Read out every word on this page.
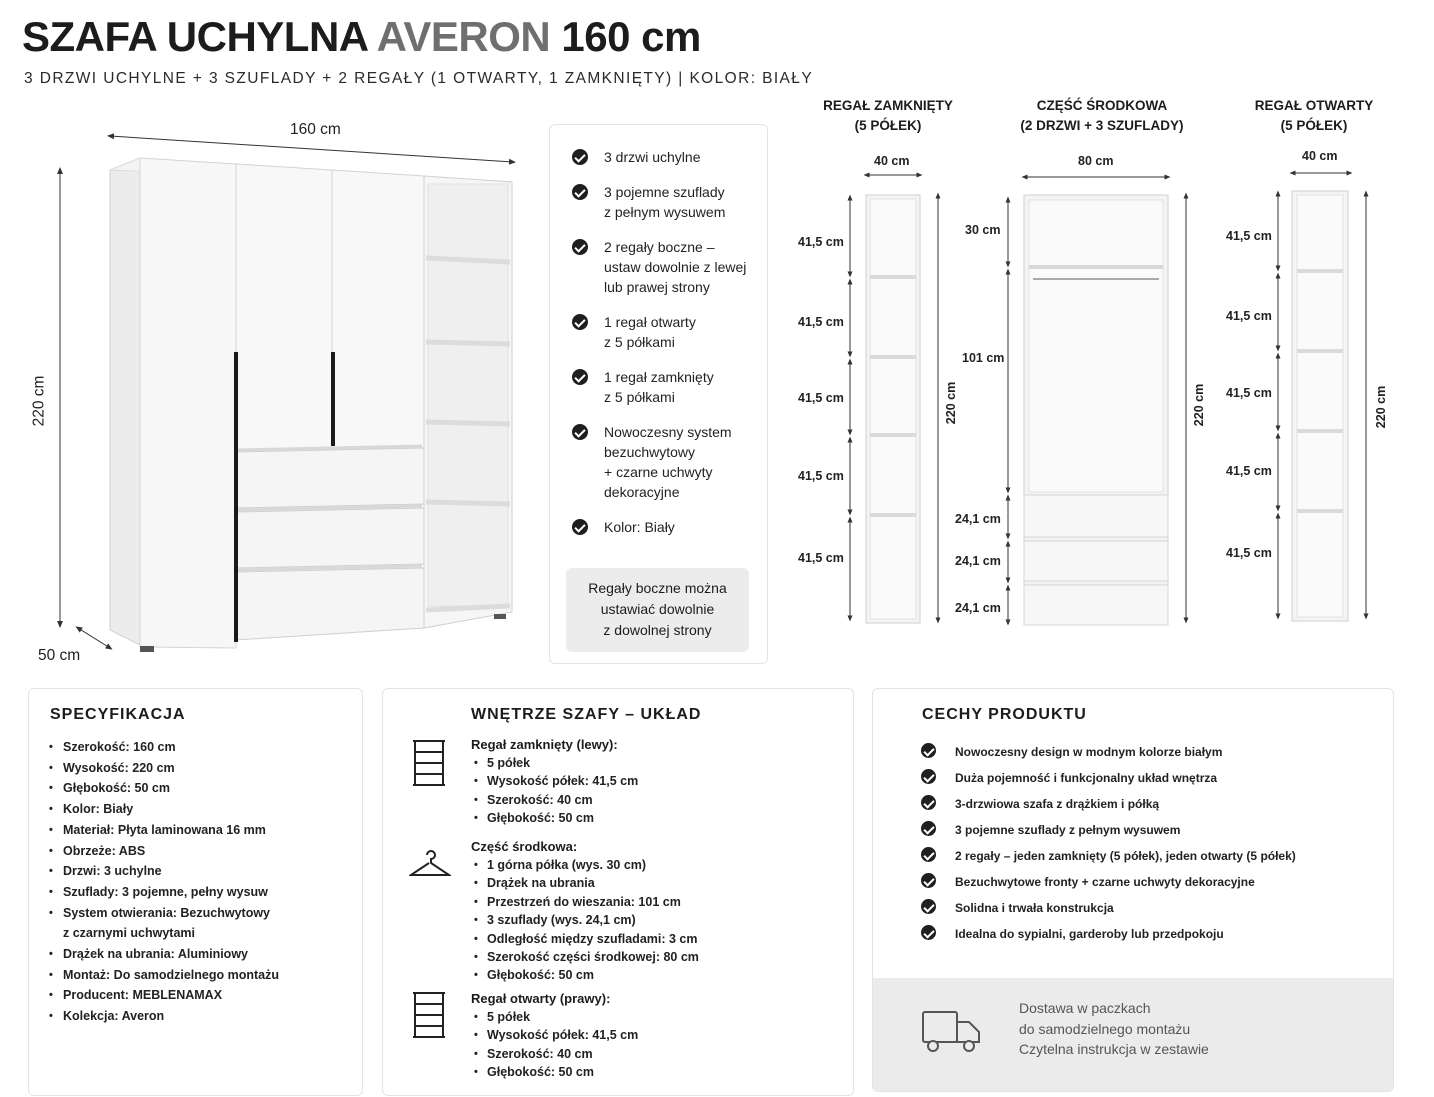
SZAFA UCHYLNA AVERON 160 cm
3 DRZWI UCHYLNE + 3 SZUFLADY + 2 REGAŁY (1 OTWARTY, 1 ZAMKNIĘTY) | KOLOR: BIAŁY
160 cm
220 cm
50 cm
3 drzwi uchylne
3 pojemne szuflady
z pełnym wysuwem
2 regały boczne –
ustaw dowolnie z lewej
lub prawej strony
1 regał otwarty
z 5 półkami
1 regał zamknięty
z 5 półkami
Nowoczesny system
bezuchwytowy
+ czarne uchwyty
dekoracyjne
Kolor: Biały
Regały boczne można
ustawiać dowolnie
z dowolnej strony
REGAŁ ZAMKNIĘTY
(5 PÓŁEK)
CZĘŚĆ ŚRODKOWA
(2 DRZWI + 3 SZUFLADY)
REGAŁ OTWARTY
(5 PÓŁEK)
40 cm	80 cm	40 cm
41,5 cm
41,5 cm
41,5 cm
41,5 cm
41,5 cm
220 cm
30 cm
101 cm
24,1 cm
24,1 cm
24,1 cm
220 cm
41,5 cm
41,5 cm
41,5 cm
41,5 cm
41,5 cm
220 cm
SPECYFIKACJA
• Szerokość: 160 cm
• Wysokość: 220 cm
• Głębokość: 50 cm
• Kolor: Biały
• Materiał: Płyta laminowana 16 mm
• Obrzeże: ABS
• Drzwi: 3 uchylne
• Szuflady: 3 pojemne, pełny wysuw
• System otwierania: Bezuchwytowy
z czarnymi uchwytami
• Drążek na ubrania: Aluminiowy
• Montaż: Do samodzielnego montażu
• Producent: MEBLENAMAX
• Kolekcja: Averon
WNĘTRZE SZAFY – UKŁAD
Regał zamknięty (lewy):
• 5 półek
• Wysokość półek: 41,5 cm
• Szerokość: 40 cm
• Głębokość: 50 cm
Część środkowa:
• 1 górna półka (wys. 30 cm)
• Drążek na ubrania
• Przestrzeń do wieszania: 101 cm
• 3 szuflady (wys. 24,1 cm)
• Odległość między szufladami: 3 cm
• Szerokość części środkowej: 80 cm
• Głębokość: 50 cm
Regał otwarty (prawy):
• 5 półek
• Wysokość półek: 41,5 cm
• Szerokość: 40 cm
• Głębokość: 50 cm
CECHY PRODUKTU
Nowoczesny design w modnym kolorze białym
Duża pojemność i funkcjonalny układ wnętrza
3-drzwiowa szafa z drążkiem i półką
3 pojemne szuflady z pełnym wysuwem
2 regały – jeden zamknięty (5 półek), jeden otwarty (5 półek)
Bezuchwytowe fronty + czarne uchwyty dekoracyjne
Solidna i trwała konstrukcja
Idealna do sypialni, garderoby lub przedpokoju
Dostawa w paczkach
do samodzielnego montażu
Czytelna instrukcja w zestawie
